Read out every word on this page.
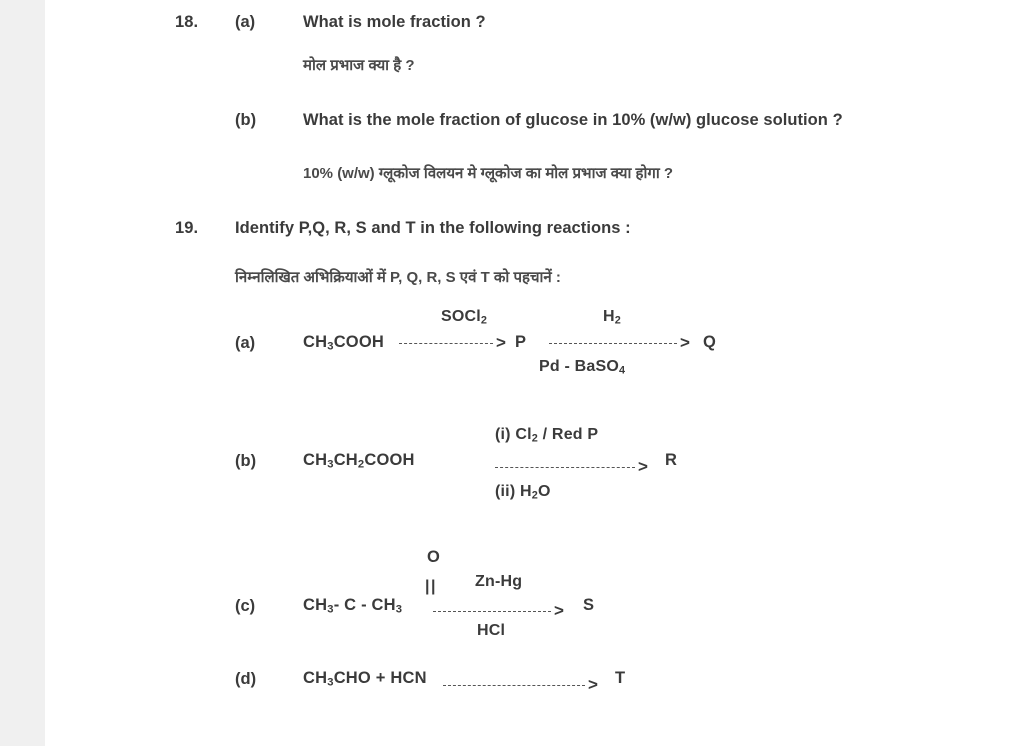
18. (a)	What is mole fraction ?
मोल प्रभाज क्या है ?
(b)	What is the mole fraction of glucose in 10% (w/w) glucose solution ?
10% (w/w) ग्लूकोज विलयन मे ग्लूकोज का मोल प्रभाज क्या होगा ?
19. Identify P,Q, R, S and T in the following reactions :
निम्नलिखित अभिक्रियाओं में P, Q, R, S एवं T को पहचानें :
(a)	$CH_3COOH$
SOCl$_2$
> P
$H_2$
>
Pd - BaSO$_4$
Q
(b)	$CH_3CH_2COOH$
(i) $Cl_2$ / Red P
>
(ii) $H_2O$
R
(c)
O
||
$CH_3-$ C - $CH_3$
Zn-Hg
>
HCl
S
(d)	$CH_3CHO$ + HCN	> T
